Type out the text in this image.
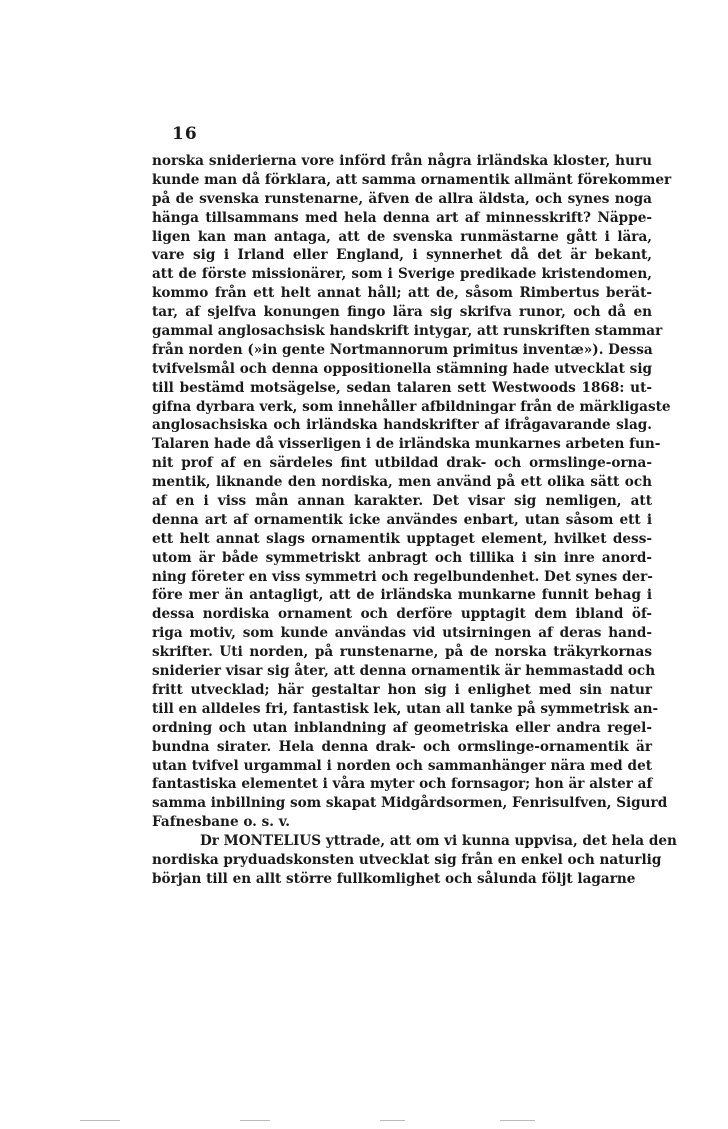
16
norska sniderierna vore införd från några irländska kloster, huru
kunde man då förklara, att samma ornamentik allmänt förekommer
på de svenska runstenarne, äfven de allra äldsta, och synes noga
hänga tillsammans med hela denna art af minnesskrift? Näppe-
ligen kan man antaga, att de svenska runmästarne gått i lära,
vare sig i Irland eller England, i synnerhet då det är bekant,
att de förste missionärer, som i Sverige predikade kristendomen,
kommo från ett helt annat håll; att de, såsom Rimbertus berät-
tar, af sjelfva konungen fingo lära sig skrifva runor, och då en
gammal anglosachsisk handskrift intygar, att runskriften stammar
från norden (»in gente Nortmannorum primitus inventæ»). Dessa
tvifvelsmål och denna oppositionella stämning hade utvecklat sig
till bestämd motsägelse, sedan talaren sett Westwoods 1868: ut-
gifna dyrbara verk, som innehåller afbildningar från de märkligaste
anglosachsiska och irländska handskrifter af ifrågavarande slag.
Talaren hade då visserligen i de irländska munkarnes arbeten fun-
nit prof af en särdeles fint utbildad drak- och ormslinge-orna-
mentik, liknande den nordiska, men använd på ett olika sätt och
af en i viss mån annan karakter. Det visar sig nemligen, att
denna art af ornamentik icke användes enbart, utan såsom ett i
ett helt annat slags ornamentik upptaget element, hvilket dess-
utom är både symmetriskt anbragt och tillika i sin inre anord-
ning företer en viss symmetri och regelbundenhet. Det synes der-
före mer än antagligt, att de irländska munkarne funnit behag i
dessa nordiska ornament och derföre upptagit dem ibland öf-
riga motiv, som kunde användas vid utsirningen af deras hand-
skrifter. Uti norden, på runstenarne, på de norska träkyrkornas
sniderier visar sig åter, att denna ornamentik är hemmastadd och
fritt utvecklad; här gestaltar hon sig i enlighet med sin natur
till en alldeles fri, fantastisk lek, utan all tanke på symmetrisk an-
ordning och utan inblandning af geometriska eller andra regel-
bundna sirater. Hela denna drak- och ormslinge-ornamentik är
utan tvifvel urgammal i norden och sammanhänger nära med det
fantastiska elementet i våra myter och fornsagor; hon är alster af
samma inbillning som skapat Midgårdsormen, Fenrisulfven, Sigurd
Fafnesbane o. s. v.
Dr MONTELIUS yttrade, att om vi kunna uppvisa, det hela den
nordiska pryduadskonsten utvecklat sig från en enkel och naturlig
början till en allt större fullkomlighet och sålunda följt lagarne
